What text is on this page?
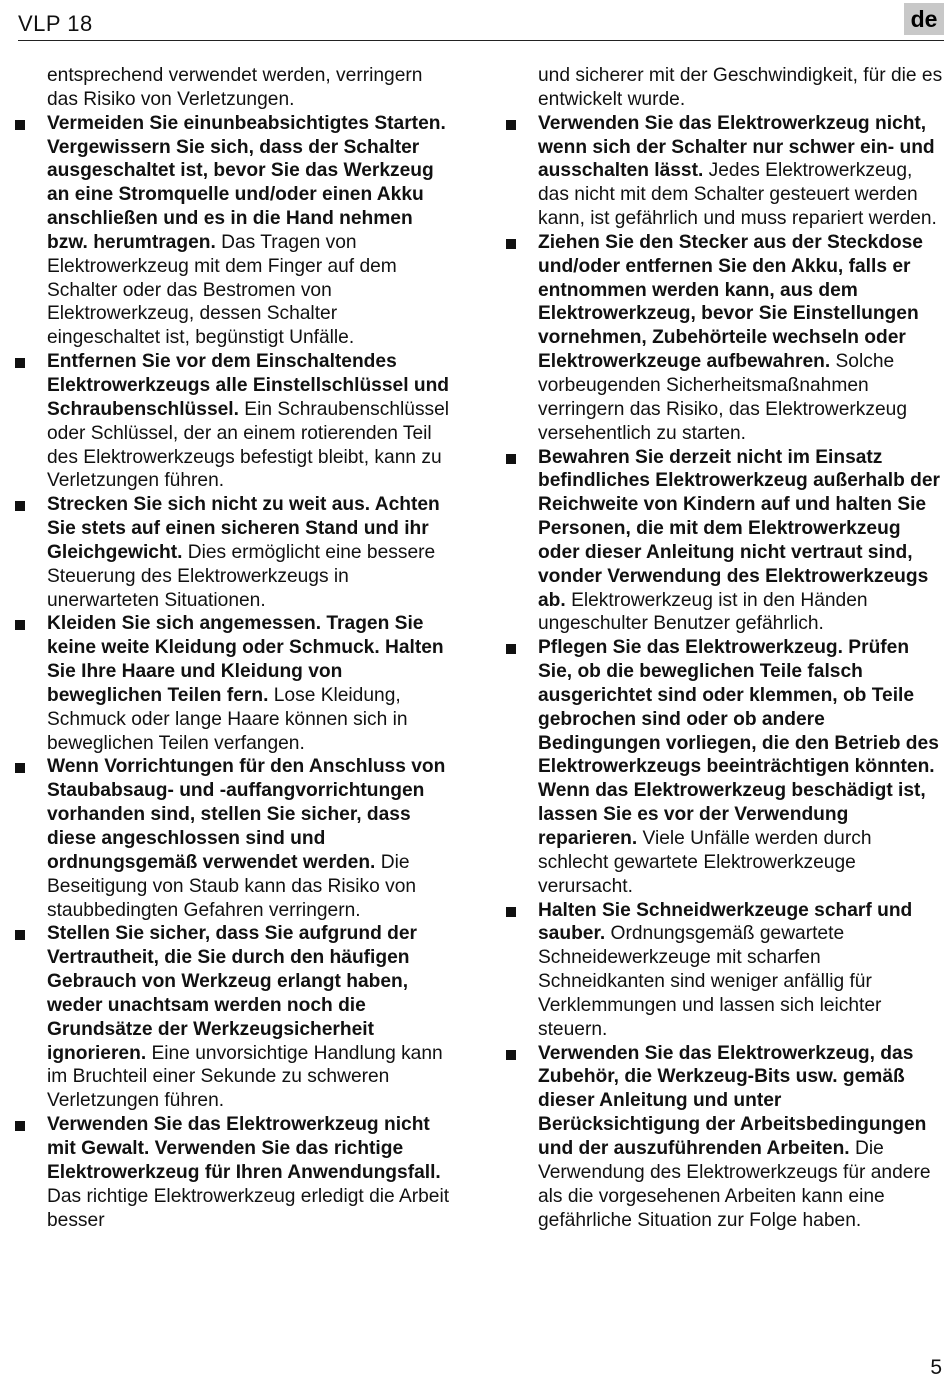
VLP 18	de

entsprechend verwendet werden, verringern das Risiko von Verletzungen.

Vermeiden Sie einunbeabsichtigtes Starten. Vergewissern Sie sich, dass der Schalter ausgeschaltet ist, bevor Sie das Werkzeug an eine Stromquelle und/oder einen Akku anschließen und es in die Hand nehmen bzw. herumtragen. Das Tragen von Elektrowerkzeug mit dem Finger auf dem Schalter oder das Bestromen von Elektrowerkzeug, dessen Schalter eingeschaltet ist, begünstigt Unfälle.
Entfernen Sie vor dem Einschaltendes Elektrowerkzeugs alle Einstellschlüssel und Schraubenschlüssel. Ein Schraubenschlüssel oder Schlüssel, der an einem rotierenden Teil des Elektrowerkzeugs befestigt bleibt, kann zu Verletzungen führen.
Strecken Sie sich nicht zu weit aus. Achten Sie stets auf einen sicheren Stand und ihr Gleichgewicht. Dies ermöglicht eine bessere Steuerung des Elektrowerkzeugs in unerwarteten Situationen.
Kleiden Sie sich angemessen. Tragen Sie keine weite Kleidung oder Schmuck. Halten Sie Ihre Haare und Kleidung von beweglichen Teilen fern. Lose Kleidung, Schmuck oder lange Haare können sich in beweglichen Teilen verfangen.
Wenn Vorrichtungen für den Anschluss von Staubabsaug- und -auffangvorrichtungen vorhanden sind, stellen Sie sicher, dass diese angeschlossen sind und ordnungsgemäß verwendet werden. Die Beseitigung von Staub kann das Risiko von staubbedingten Gefahren verringern.
Stellen Sie sicher, dass Sie aufgrund der Vertrautheit, die Sie durch den häufigen Gebrauch von Werkzeug erlangt haben, weder unachtsam werden noch die Grundsätze der Werkzeugsicherheit ignorieren. Eine unvorsichtige Handlung kann im Bruchteil einer Sekunde zu schweren Verletzungen führen.
Verwenden Sie das Elektrowerkzeug nicht mit Gewalt. Verwenden Sie das richtige Elektrowerkzeug für Ihren Anwendungsfall. Das richtige Elektrowerkzeug erledigt die Arbeit besser

und sicherer mit der Geschwindigkeit, für die es entwickelt wurde.

Verwenden Sie das Elektrowerkzeug nicht, wenn sich der Schalter nur schwer ein- und ausschalten lässt. Jedes Elektrowerkzeug, das nicht mit dem Schalter gesteuert werden kann, ist gefährlich und muss repariert werden.
Ziehen Sie den Stecker aus der Steckdose und/oder entfernen Sie den Akku, falls er entnommen werden kann, aus dem Elektrowerkzeug, bevor Sie Einstellungen vornehmen, Zubehörteile wechseln oder Elektrowerkzeuge aufbewahren. Solche vorbeugenden Sicherheitsmaßnahmen verringern das Risiko, das Elektrowerkzeug versehentlich zu starten.
Bewahren Sie derzeit nicht im Einsatz befindliches Elektrowerkzeug außerhalb der Reichweite von Kindern auf und halten Sie Personen, die mit dem Elektrowerkzeug oder dieser Anleitung nicht vertraut sind, vonder Verwendung des Elektrowerkzeugs ab. Elektrowerkzeug ist in den Händen ungeschulter Benutzer gefährlich.
Pflegen Sie das Elektrowerkzeug. Prüfen Sie, ob die beweglichen Teile falsch ausgerichtet sind oder klemmen, ob Teile gebrochen sind oder ob andere Bedingungen vorliegen, die den Betrieb des Elektrowerkzeugs beeinträchtigen könnten. Wenn das Elektrowerkzeug beschädigt ist, lassen Sie es vor der Verwendung reparieren. Viele Unfälle werden durch schlecht gewartete Elektrowerkzeuge verursacht.
Halten Sie Schneidwerkzeuge scharf und sauber. Ordnungsgemäß gewartete Schneidewerkzeuge mit scharfen Schneidkanten sind weniger anfällig für Verklemmungen und lassen sich leichter steuern.
Verwenden Sie das Elektrowerkzeug, das Zubehör, die Werkzeug-Bits usw. gemäß dieser Anleitung und unter Berücksichtigung der Arbeitsbedingungen und der auszuführenden Arbeiten. Die Verwendung des Elektrowerkzeugs für andere als die vorgesehenen Arbeiten kann eine gefährliche Situation zur Folge haben.
5
